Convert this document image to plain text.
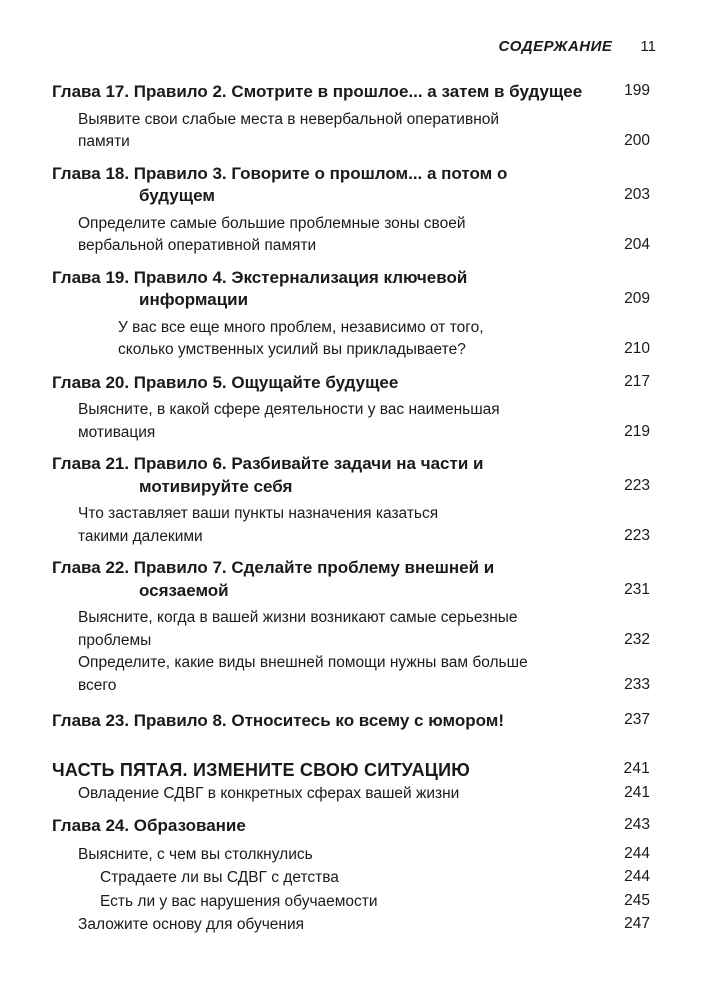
СОДЕРЖАНИЕ 11
Глава 17. Правило 2. Смотрите в прошлое... а затем в будущее	199
Выявите свои слабые места в невербальной оперативной памяти	200
Глава 18. Правило 3. Говорите о прошлом... а потом о будущем	203
Определите самые большие проблемные зоны своей вербальной оперативной памяти	204
Глава 19. Правило 4. Экстернализация ключевой информации	209
У вас все еще много проблем, независимо от того, сколько умственных усилий вы прикладываете?	210
Глава 20. Правило 5. Ощущайте будущее	217
Выясните, в какой сфере деятельности у вас наименьшая мотивация	219
Глава 21. Правило 6. Разбивайте задачи на части и мотивируйте себя	223
Что заставляет ваши пункты назначения казаться такими далекими	223
Глава 22. Правило 7. Сделайте проблему внешней и осязаемой	231
Выясните, когда в вашей жизни возникают самые серьезные проблемы	232
Определите, какие виды внешней помощи нужны вам больше всего	233
Глава 23. Правило 8. Относитесь ко всему с юмором!	237
ЧАСТЬ ПЯТАЯ. ИЗМЕНИТЕ СВОЮ СИТУАЦИЮ	241
Овладение СДВГ в конкретных сферах вашей жизни	241
Глава 24. Образование	243
Выясните, с чем вы столкнулись	244
Страдаете ли вы СДВГ с детства	244
Есть ли у вас нарушения обучаемости	245
Заложите основу для обучения	247
